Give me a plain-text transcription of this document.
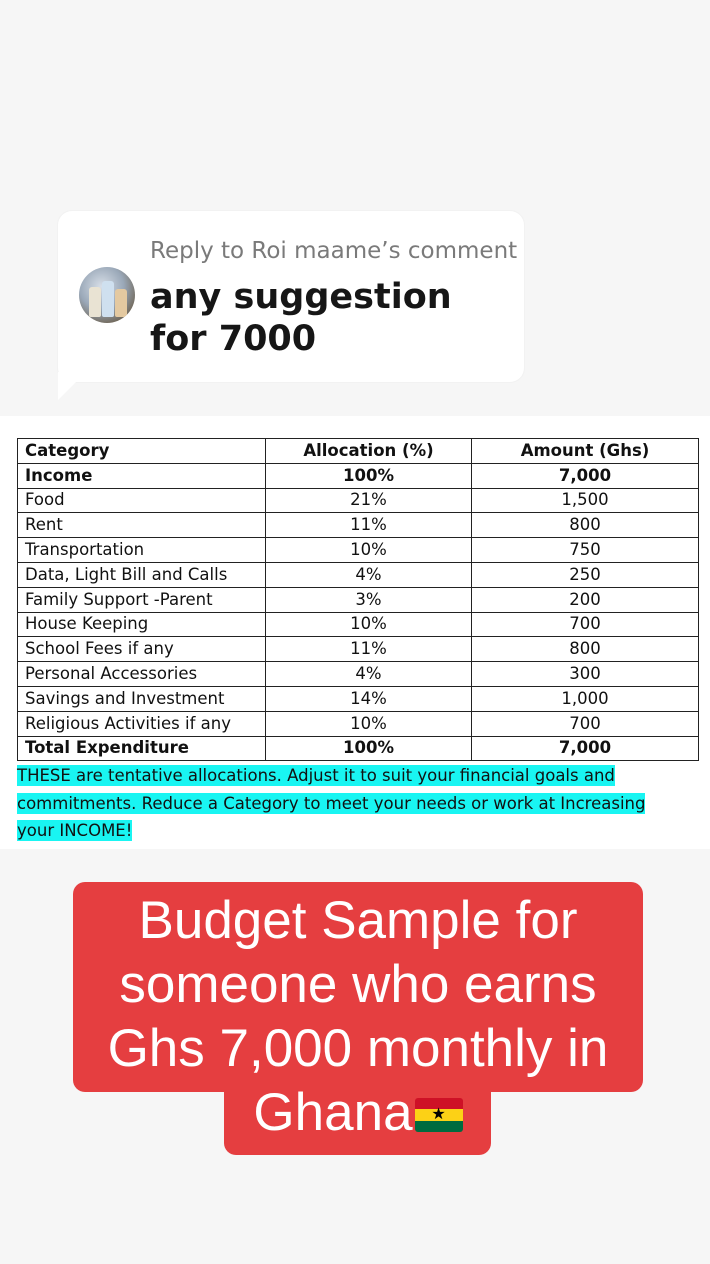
Reply to Roi maame’s comment
any suggestion for 7000
Category	Allocation (%)	Amount (Ghs)
Income	100%	7,000
Food	21%	1,500
Rent	11%	800
Transportation	10%	750
Data, Light Bill and Calls	4%	250
Family Support -Parent	3%	200
House Keeping	10%	700
School Fees if any	11%	800
Personal Accessories	4%	300
Savings and Investment	14%	1,000
Religious Activities if any	10%	700
Total Expenditure	100%	7,000
THESE are tentative allocations. Adjust it to suit your financial goals and commitments. Reduce a Category to meet your needs or work at Increasing your INCOME!
Budget Sample for
someone who earns
Ghs 7,000 monthly in
Ghana	★
